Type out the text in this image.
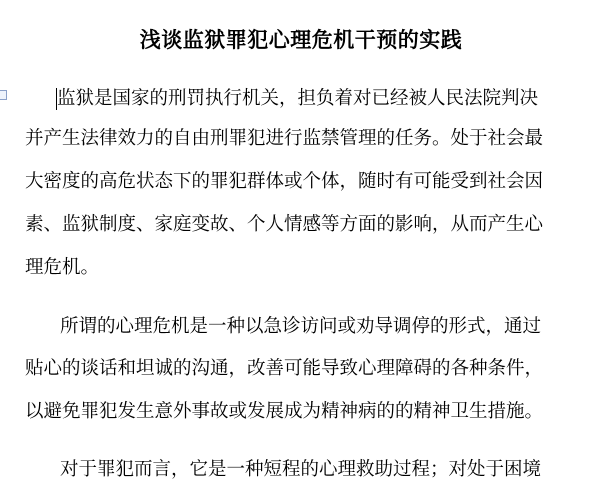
浅谈监狱罪犯心理危机干预的实践
监狱是国家的刑罚执行机关，担负着对已经被人民法院判决
并产生法律效力的自由刑罪犯进行监禁管理的任务。处于社会最
大密度的高危状态下的罪犯群体或个体，随时有可能受到社会因
素、监狱制度、家庭变故、个人情感等方面的影响，从而产生心
理危机。
所谓的心理危机是一种以急诊访问或劝导调停的形式，通过
贴心的谈话和坦诚的沟通，改善可能导致心理障碍的各种条件，
以避免罪犯发生意外事故或发展成为精神病的的精神卫生措施。
对于罪犯而言，它是一种短程的心理救助过程；对处于困境
